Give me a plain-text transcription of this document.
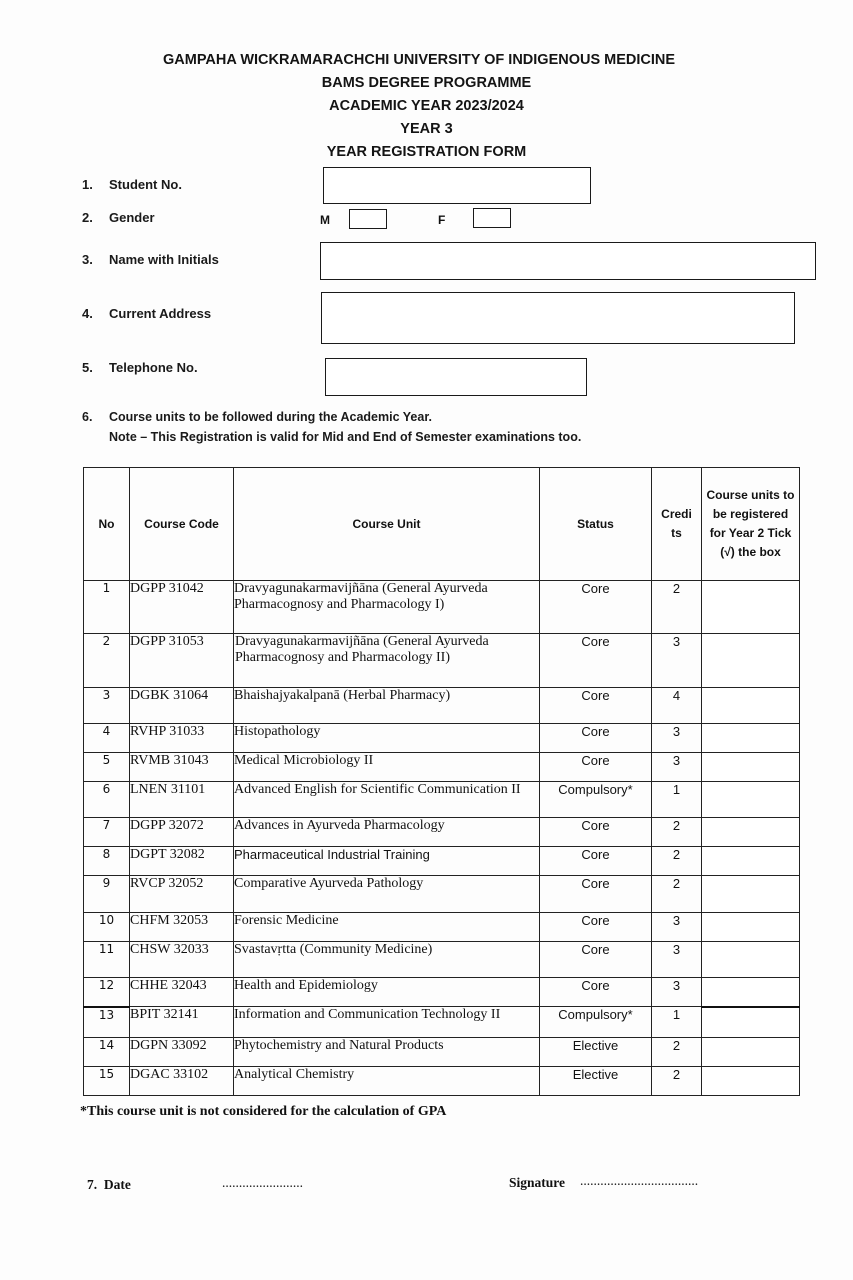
GAMPAHA WICKRAMARACHCHI UNIVERSITY OF INDIGENOUS MEDICINE
BAMS DEGREE PROGRAMME
ACADEMIC YEAR 2023/2024
YEAR 3
YEAR REGISTRATION FORM
1. Student No.
2. Gender	M	F
3. Name with Initials
4. Current Address
5. Telephone No.
6. Course units to be followed during the Academic Year.
Note – This Registration is valid for Mid and End of Semester examinations too.
No	Course Code	Course Unit	Status	Credi ts	Course units to be registered for Year 2 Tick (√) the box
1	DGPP 31042	Dravyagunakarmavijñāna (General Ayurveda Pharmacognosy and Pharmacology I)	Core	2	
2	DGPP 31053	Dravyagunakarmavijñāna (General Ayurveda Pharmacognosy and Pharmacology II)	Core	3	
3	DGBK 31064	Bhaishajyakalpanā (Herbal Pharmacy)	Core	4	
4	RVHP 31033	Histopathology	Core	3	
5	RVMB 31043	Medical Microbiology II	Core	3	
6	LNEN 31101	Advanced English for Scientific Communication II	Compulsory*	1	
7	DGPP 32072	Advances in Ayurveda Pharmacology	Core	2	
8	DGPT 32082	Pharmaceutical Industrial Training	Core	2	
9	RVCP 32052	Comparative Ayurveda Pathology	Core	2	
10	CHFM 32053	Forensic Medicine	Core	3	
11	CHSW 32033	Svastavṛtta (Community Medicine)	Core	3	
12	CHHE 32043	Health and Epidemiology	Core	3	
13	BPIT 32141	Information and Communication Technology II	Compulsory*	1	
14	DGPN 33092	Phytochemistry and Natural Products	Elective	2	
15	DGAC 33102	Analytical Chemistry	Elective	2	
*This course unit is not considered for the calculation of GPA
7. Date	........................	Signature ...................................
